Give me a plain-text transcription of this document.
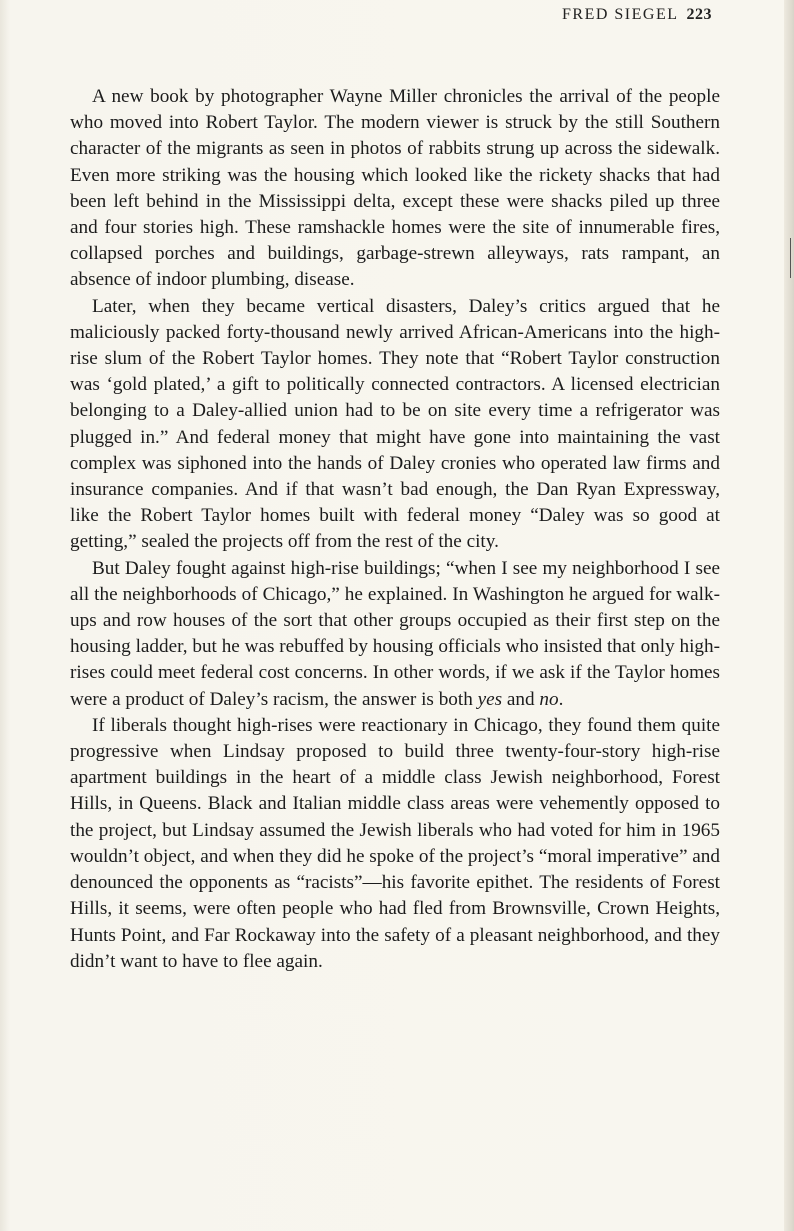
FRED SIEGEL 223

A new book by photographer Wayne Miller chronicles the arrival of the people who moved into Robert Taylor. The modern viewer is struck by the still Southern character of the migrants as seen in photos of rabbits strung up across the sidewalk. Even more striking was the housing which looked like the rickety shacks that had been left behind in the Mississippi delta, except these were shacks piled up three and four stories high. These ramshackle homes were the site of innumerable fires, collapsed porches and buildings, garbage-strewn alleyways, rats rampant, an absence of indoor plumbing, disease.

Later, when they became vertical disasters, Daley’s critics argued that he maliciously packed forty-thousand newly arrived African-Americans into the high-rise slum of the Robert Taylor homes. They note that “Robert Taylor construction was ‘gold plated,’ a gift to politically connected contractors. A licensed electrician belonging to a Daley-allied union had to be on site every time a refrigerator was plugged in.” And federal money that might have gone into maintaining the vast complex was siphoned into the hands of Daley cronies who operated law firms and insurance companies. And if that wasn’t bad enough, the Dan Ryan Expressway, like the Robert Taylor homes built with federal money “Daley was so good at getting,” sealed the projects off from the rest of the city.

But Daley fought against high-rise buildings; “when I see my neighborhood I see all the neighborhoods of Chicago,” he explained. In Washington he argued for walk-ups and row houses of the sort that other groups occupied as their first step on the housing ladder, but he was rebuffed by housing officials who insisted that only high-rises could meet federal cost concerns. In other words, if we ask if the Taylor homes were a product of Daley’s racism, the answer is both yes and no.

If liberals thought high-rises were reactionary in Chicago, they found them quite progressive when Lindsay proposed to build three twenty-four-story high-rise apartment buildings in the heart of a middle class Jewish neighborhood, Forest Hills, in Queens. Black and Italian middle class areas were vehemently opposed to the project, but Lindsay assumed the Jewish liberals who had voted for him in 1965 wouldn’t object, and when they did he spoke of the project’s “moral imperative” and denounced the opponents as “racists”—his favorite epithet. The residents of Forest Hills, it seems, were often people who had fled from Brownsville, Crown Heights, Hunts Point, and Far Rockaway into the safety of a pleasant neighborhood, and they didn’t want to have to flee again.
